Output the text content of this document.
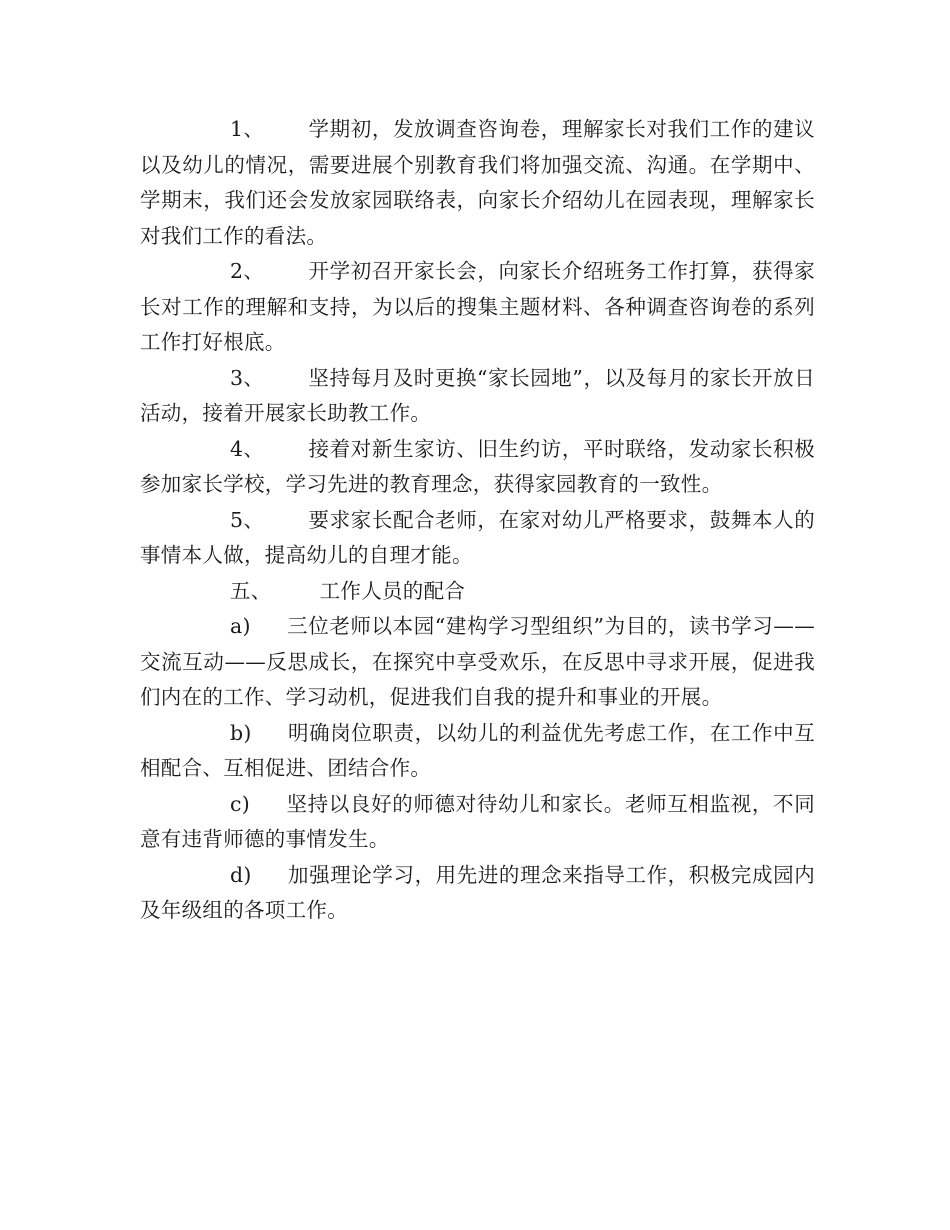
1、 学期初，发放调查咨询卷，理解家长对我们工作的建议以及幼儿的情况，需要进展个别教育我们将加强交流、沟通。在学期中、学期末，我们还会发放家园联络表，向家长介绍幼儿在园表现，理解家长对我们工作的看法。

2、 开学初召开家长会，向家长介绍班务工作打算，获得家长对工作的理解和支持，为以后的搜集主题材料、各种调查咨询卷的系列工作打好根底。

3、 坚持每月及时更换“家长园地”，以及每月的家长开放日活动，接着开展家长助教工作。

4、 接着对新生家访、旧生约访，平时联络，发动家长积极参加家长学校，学习先进的教育理念，获得家园教育的一致性。

5、 要求家长配合老师，在家对幼儿严格要求，鼓舞本人的事情本人做，提高幼儿的自理才能。

五、 工作人员的配合

a) 三位老师以本园“建构学习型组织”为目的，读书学习——交流互动——反思成长，在探究中享受欢乐，在反思中寻求开展，促进我们内在的工作、学习动机，促进我们自我的提升和事业的开展。

b) 明确岗位职责，以幼儿的利益优先考虑工作，在工作中互相配合、互相促进、团结合作。

c) 坚持以良好的师德对待幼儿和家长。老师互相监视，不同意有违背师德的事情发生。

d) 加强理论学习，用先进的理念来指导工作，积极完成园内及年级组的各项工作。
